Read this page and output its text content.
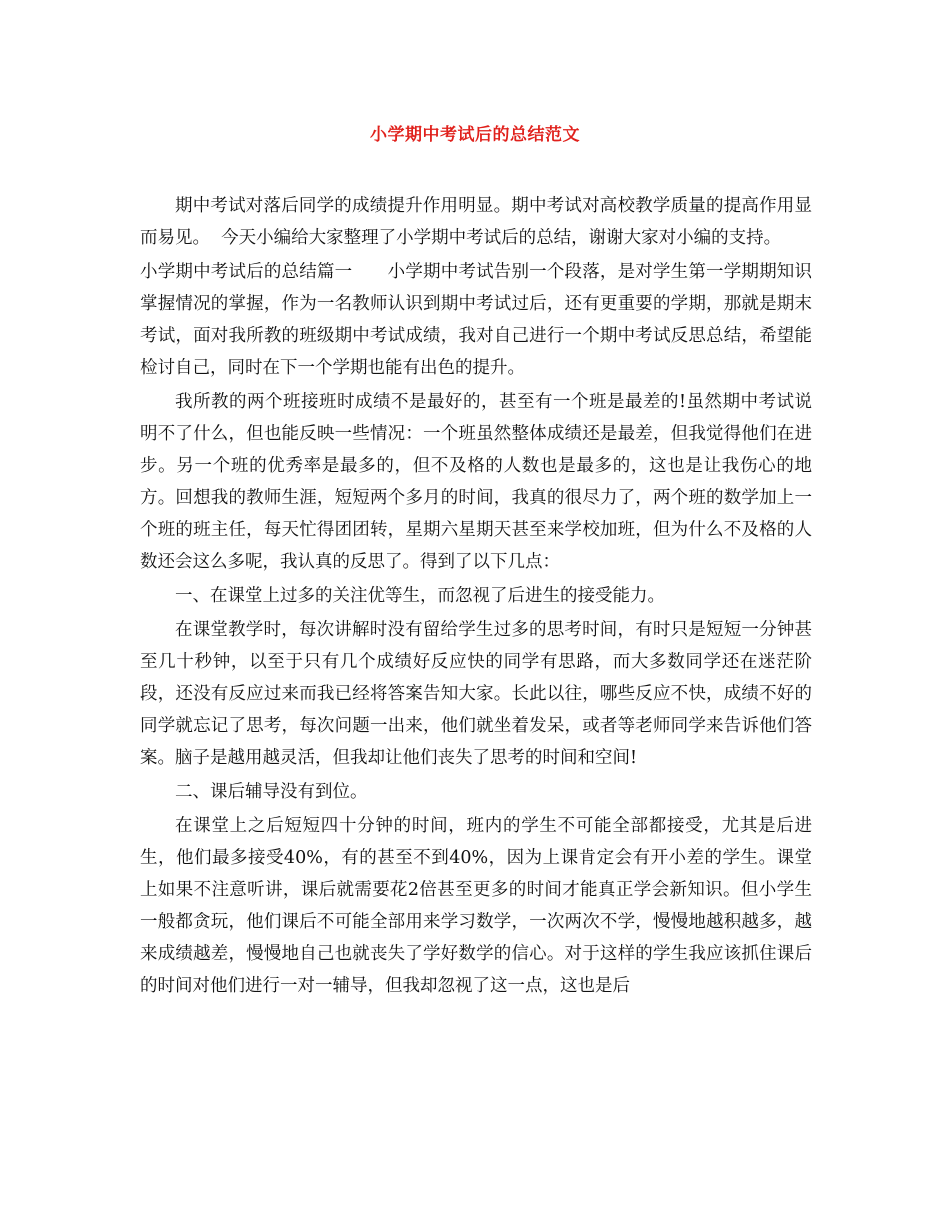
小学期中考试后的总结范文

期中考试对落后同学的成绩提升作用明显。期中考试对高校教学质量的提高作用显而易见。  今天小编给大家整理了小学期中考试后的总结，谢谢大家对小编的支持。

小学期中考试后的总结篇一　　小学期中考试告别一个段落，是对学生第一学期期知识掌握情况的掌握，作为一名教师认识到期中考试过后，还有更重要的学期，那就是期末考试，面对我所教的班级期中考试成绩，我对自己进行一个期中考试反思总结，希望能检讨自己，同时在下一个学期也能有出色的提升。

我所教的两个班接班时成绩不是最好的，甚至有一个班是最差的!虽然期中考试说明不了什么，但也能反映一些情况：一个班虽然整体成绩还是最差，但我觉得他们在进步。另一个班的优秀率是最多的，但不及格的人数也是最多的，这也是让我伤心的地方。回想我的教师生涯，短短两个多月的时间，我真的很尽力了，两个班的数学加上一个班的班主任，每天忙得团团转，星期六星期天甚至来学校加班，但为什么不及格的人数还会这么多呢，我认真的反思了。得到了以下几点：

一、在课堂上过多的关注优等生，而忽视了后进生的接受能力。

在课堂教学时，每次讲解时没有留给学生过多的思考时间，有时只是短短一分钟甚至几十秒钟，以至于只有几个成绩好反应快的同学有思路，而大多数同学还在迷茫阶段，还没有反应过来而我已经将答案告知大家。长此以往，哪些反应不快，成绩不好的同学就忘记了思考，每次问题一出来，他们就坐着发呆，或者等老师同学来告诉他们答案。脑子是越用越灵活，但我却让他们丧失了思考的时间和空间!

二、课后辅导没有到位。

在课堂上之后短短四十分钟的时间，班内的学生不可能全部都接受，尤其是后进生，他们最多接受40%，有的甚至不到40%，因为上课肯定会有开小差的学生。课堂上如果不注意听讲，课后就需要花2倍甚至更多的时间才能真正学会新知识。但小学生一般都贪玩，他们课后不可能全部用来学习数学，一次两次不学，慢慢地越积越多，越来成绩越差，慢慢地自己也就丧失了学好数学的信心。对于这样的学生我应该抓住课后的时间对他们进行一对一辅导，但我却忽视了这一点，这也是后
